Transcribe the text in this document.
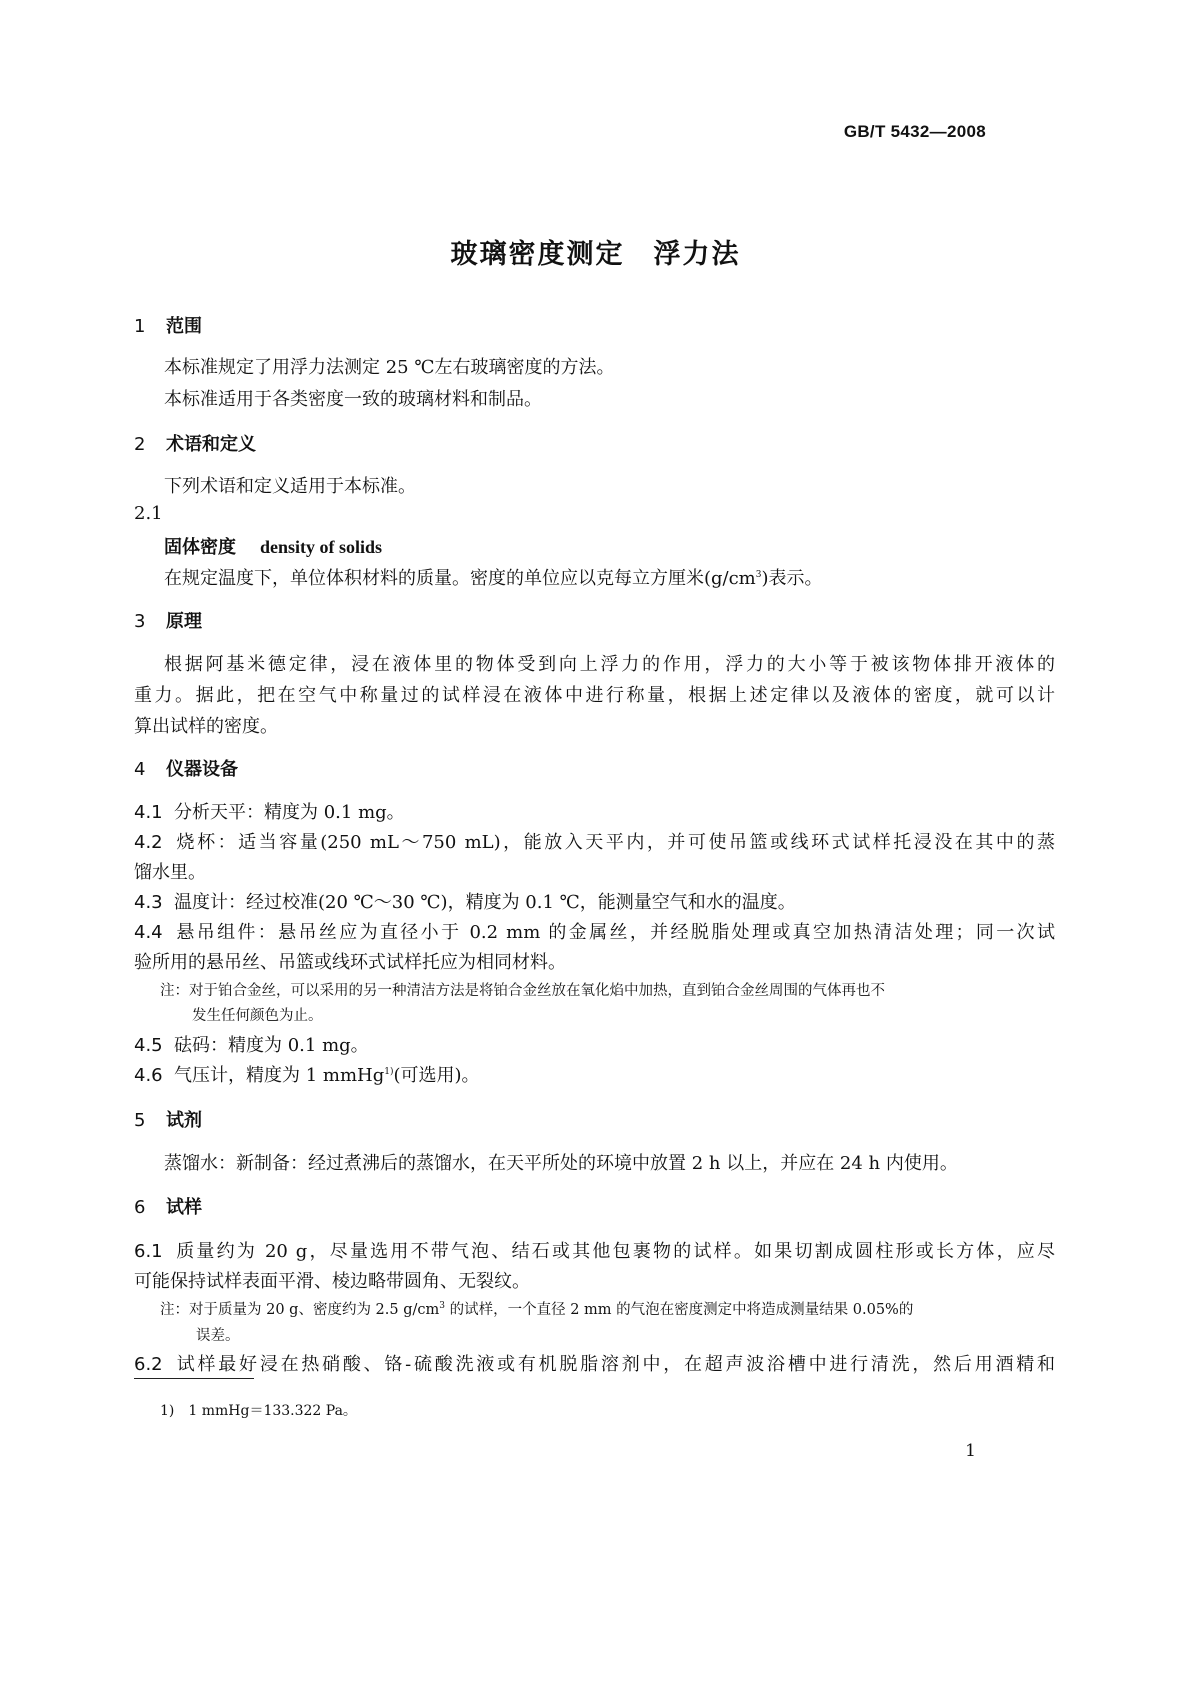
GB/T 5432—2008
玻璃密度测定　浮力法
1 范围
本标准规定了用浮力法测定 25 ℃左右玻璃密度的方法。
本标准适用于各类密度一致的玻璃材料和制品。
2 术语和定义
下列术语和定义适用于本标准。
2.1
固体密度 density of solids
在规定温度下，单位体积材料的质量。密度的单位应以克每立方厘米$(g/cm^3)$表示。
3 原理
根据阿基米德定律，浸在液体里的物体受到向上浮力的作用，浮力的大小等于被该物体排开液体的
重力。据此，把在空气中称量过的试样浸在液体中进行称量，根据上述定律以及液体的密度，就可以计
算出试样的密度。
4 仪器设备
4.1 分析天平：精度为 0.1 mg。
4.2 烧杯：适当容量(250 mL～750 mL)，能放入天平内，并可使吊篮或线环式试样托浸没在其中的蒸
馏水里。
4.3 温度计：经过校准(20 ℃～30 ℃)，精度为 0.1 ℃，能测量空气和水的温度。
4.4 悬吊组件：悬吊丝应为直径小于 0.2 mm 的金属丝，并经脱脂处理或真空加热清洁处理；同一次试
验所用的悬吊丝、吊篮或线环式试样托应为相同材料。
注：对于铂合金丝，可以采用的另一种清洁方法是将铂合金丝放在氧化焰中加热，直到铂合金丝周围的气体再也不
发生任何颜色为止。
4.5 砝码：精度为 0.1 mg。
4.6 气压计，精度为 1 mmHg$^{1)}$(可选用)。
5 试剂
蒸馏水：新制备：经过煮沸后的蒸馏水，在天平所处的环境中放置 2 h 以上，并应在 24 h 内使用。
6 试样
6.1 质量约为 20 g，尽量选用不带气泡、结石或其他包裹物的试样。如果切割成圆柱形或长方体，应尽
可能保持试样表面平滑、棱边略带圆角、无裂纹。
注：对于质量为 20 g、密度约为 2.5 $g/cm^3$ 的试样，一个直径 2 mm 的气泡在密度测定中将造成测量结果 0.05%的
误差。
6.2 试样最好浸在热硝酸、铬-硫酸洗液或有机脱脂溶剂中，在超声波浴槽中进行清洗，然后用酒精和
1)　1 mmHg＝133.322 Pa。
1
